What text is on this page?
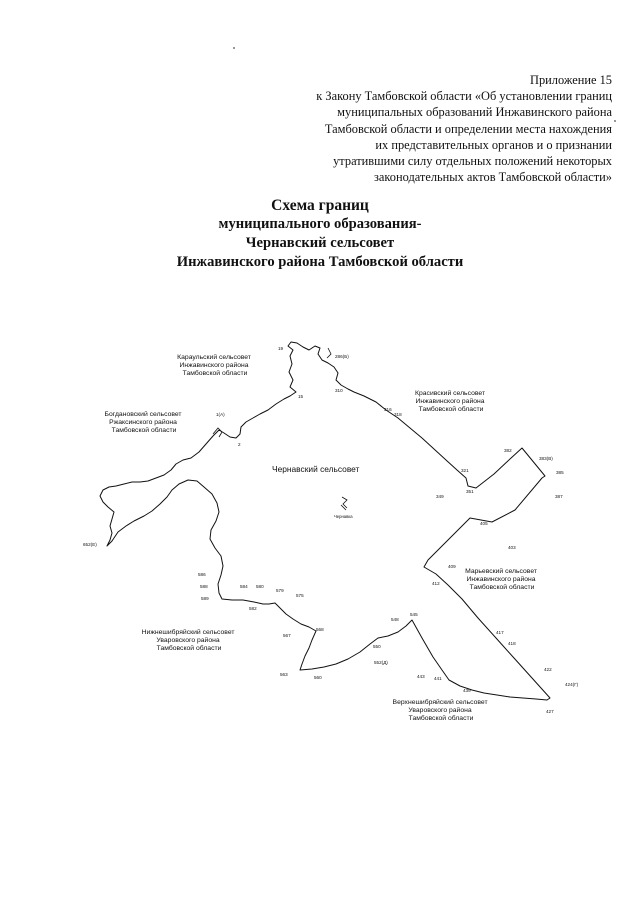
Приложение 15
к Закону Тамбовской области «Об установлении границ
муниципальных образований Инжавинского района
Тамбовской области и определении места нахождения
их представительных органов и о признании
утратившими силу отдельных положений некоторых
законодательных актов Тамбовской области»
Схема границ
муниципального образования-
Чернавский сельсовет
Инжавинского района Тамбовской области
Чернавка
Чернавский сельсовет
Караульский сельсовет Инжавинского района Тамбовской области
Красивский сельсовет Инжавинского района Тамбовской области
Богдановский сельсовет Ржаксинского района Тамбовской области
Марьевский сельсовет Инжавинского района Тамбовской области
Нижнешибряйский сельсовет Уваровского района Тамбовской области
Верхнешибряйский сельсовет Уваровского района Тамбовской области
19
286(Б)
310
316
318
15
1(А)
2
321
349
351
382
383(В)
385
387
405
403
409
412
417
418
422
424(Г)
427
439
441
443
545
548
550
552(Д)
560
563
567
568
575
579
580
582
584
586
588
589
652(Е)
